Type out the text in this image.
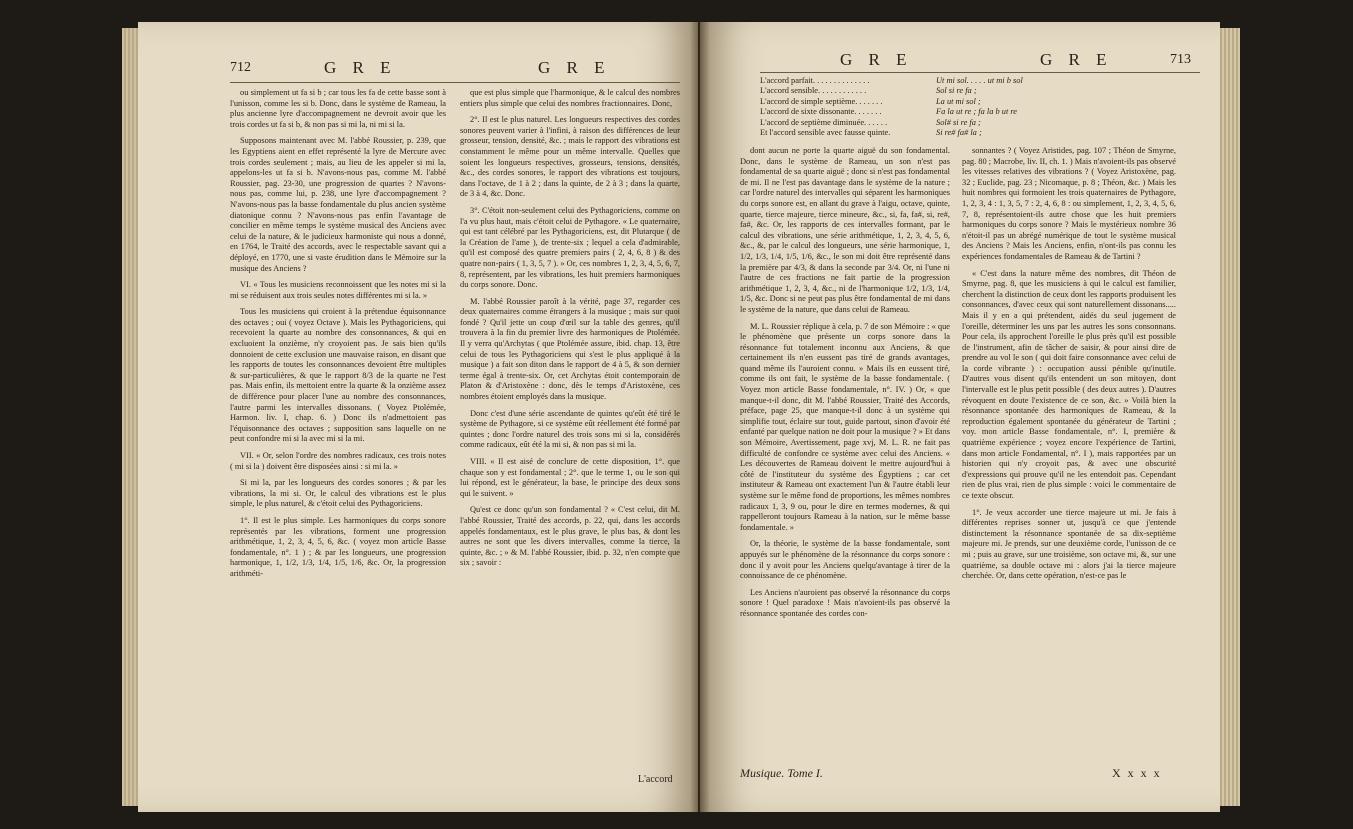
712	G R E	G R E

ou simplement ut fa si b ; car tous les fa de cette basse sont à l'unisson, comme les si b. Donc, dans le système de Rameau, la plus ancienne lyre d'accompagnement ne devroit avoir que les trois cordes ut fa si b, & non pas si mi la, ni mi si la.

Supposons maintenant avec M. l'abbé Roussier, p. 239, que les Egyptiens aient en effet représenté la lyre de Mercure avec trois cordes seulement ; mais, au lieu de les appeler si mi la, appelons-les ut fa si b. N'avons-nous pas, comme M. l'abbé Roussier, pag. 23-30, une progression de quartes ? N'avons-nous pas, comme lui, p. 238, une lyre d'accompagnement ? N'avons-nous pas la basse fondamentale du plus ancien système diatonique connu ? N'avons-nous pas enfin l'avantage de concilier en même temps le système musical des Anciens avec celui de la nature, & le judicieux harmoniste qui nous a donné, en 1764, le Traité des accords, avec le respectable savant qui a déployé, en 1770, une si vaste érudition dans le Mémoire sur la musique des Anciens ?

VI. « Tous les musiciens reconnoissent que les notes mi si la mi se réduisent aux trois seules notes différentes mi si la. »

Tous les musiciens qui croient à la prétendue équisonnance des octaves ; oui ( voyez Octave ). Mais les Pythagoriciens, qui recevoient la quarte au nombre des consonnances, & qui en excluoient la onzième, n'y croyoient pas. Je sais bien qu'ils donnoient de cette exclusion une mauvaise raison, en disant que les rapports de toutes les consonnances devoient être multiples & sur-particulières, & que le rapport 8/3 de la quarte ne l'est pas. Mais enfin, ils mettoient entre la quarte & la onzième assez de différence pour placer l'une au nombre des consonnances, l'autre parmi les intervalles dissonans. ( Voyez Ptolémée, Harmon. liv. I, chap. 6. ) Donc ils n'admettoient pas l'équisonnance des octaves ; supposition sans laquelle on ne peut confondre mi si la avec mi si la mi.

VII. « Or, selon l'ordre des nombres radicaux, ces trois notes ( mi si la ) doivent être disposées ainsi : si mi la. »

Si mi la, par les longueurs des cordes sonores ; & par les vibrations, la mi si. Or, le calcul des vibrations est le plus simple, le plus naturel, & c'étoit celui des Pythagoriciens.

1°. Il est le plus simple. Les harmoniques du corps sonore représentés par les vibrations, forment une progression arithmétique, 1, 2, 3, 4, 5, 6, &c. ( voyez mon article Basse fondamentale, n°. 1 ) ; & par les longueurs, une progression harmonique, 1, 1/2, 1/3, 1/4, 1/5, 1/6, &c. Or, la progression arithméti-

que est plus simple que l'harmonique, & le calcul des nombres entiers plus simple que celui des nombres fractionnaires. Donc,

2°. Il est le plus naturel. Les longueurs respectives des cordes sonores peuvent varier à l'infini, à raison des différences de leur grosseur, tension, densité, &c. ; mais le rapport des vibrations est constamment le même pour un même intervalle. Quelles que soient les longueurs respectives, grosseurs, tensions, densités, &c., des cordes sonores, le rapport des vibrations est toujours, dans l'octave, de 1 à 2 ; dans la quinte, de 2 à 3 ; dans la quarte, de 3 à 4, &c. Donc.

3°. C'étoit non-seulement celui des Pythagoriciens, comme on l'a vu plus haut, mais c'étoit celui de Pythagore. « Le quaternaire, qui est tant célébré par les Pythagoriciens, est, dit Plutarque ( de la Création de l'ame ), de trente-six ; lequel a cela d'admirable, qu'il est composé des quatre premiers pairs ( 2, 4, 6, 8 ) & des quatre non-pairs ( 1, 3, 5, 7 ). » Or, ces nombres 1, 2, 3, 4, 5, 6, 7, 8, représentent, par les vibrations, les huit premiers harmoniques du corps sonore. Donc.

M. l'abbé Roussier paroît à la vérité, page 37, regarder ces deux quaternaires comme étrangers à la musique ; mais sur quoi fondé ? Qu'il jette un coup d'œil sur la table des genres, qu'il trouvera à la fin du premier livre des harmoniques de Ptolémée. Il y verra qu'Archytas ( que Ptolémée assure, ibid. chap. 13, être celui de tous les Pythagoriciens qui s'est le plus appliqué à la musique ) a fait son diton dans le rapport de 4 à 5, & son dernier terme égal à trente-six. Or, cet Archytas étoit contemporain de Platon & d'Aristoxène : donc, dès le temps d'Aristoxène, ces nombres étoient employés dans la musique.

Donc c'est d'une série ascendante de quintes qu'eût été tiré le système de Pythagore, si ce système eût réellement été formé par quintes ; donc l'ordre naturel des trois sons mi si la, considérés comme radicaux, eût été la mi si, & non pas si mi la.

VIII. « Il est aisé de conclure de cette disposition, 1°. que chaque son y est fondamental ; 2°. que le terme 1, ou le son qui lui répond, est le générateur, la base, le principe des deux sons qui le suivent. »

Qu'est ce donc qu'un son fondamental ? « C'est celui, dit M. l'abbé Roussier, Traité des accords, p. 22, qui, dans les accords appelés fondamentaux, est le plus grave, le plus bas, & dont les autres ne sont que les divers intervalles, comme la tierce, la quinte, &c. ; » & M. l'abbé Roussier, ibid. p. 32, n'en compte que six ; savoir :

L'accord
G R E	G R E	713
L'accord parfait. . . . . . . . . . . . . .	Ut mi sol. . . . . ut mi b sol
L'accord sensible. . . . . . . . . . . .	Sol si re fa ;
L'accord de simple septième. . . . . . .	La ut mi sol ;
L'accord de sixte dissonante. . . . . . .	Fa la ut re ; fa la b ut re
L'accord de septième diminuée. . . . . .	Sol# si re fa ;
Et l'accord sensible avec fausse quinte.	Si re# fa# la ;

dont aucun ne porte la quarte aiguë du son fondamental. Donc, dans le système de Rameau, un son n'est pas fondamental de sa quarte aiguë ; donc si n'est pas fondamental de mi. Il ne l'est pas davantage dans le système de la nature ; car l'ordre naturel des intervalles qui séparent les harmoniques du corps sonore est, en allant du grave à l'aigu, octave, quinte, quarte, tierce majeure, tierce mineure, &c., si, fa, fa#, si, re#, fa#, &c. Or, les rapports de ces intervalles formant, par le calcul des vibrations, une série arithmétique, 1, 2, 3, 4, 5, 6, &c., &, par le calcul des longueurs, une série harmonique, 1, 1/2, 1/3, 1/4, 1/5, 1/6, &c., le son mi doit être représenté dans la première par 4/3, & dans la seconde par 3/4. Or, ni l'une ni l'autre de ces fractions ne fait partie de la progression arithmétique 1, 2, 3, 4, &c., ni de l'harmonique 1/2, 1/3, 1/4, 1/5, &c. Donc si ne peut pas plus être fondamental de mi dans le système de la nature, que dans celui de Rameau.

M. L. Roussier réplique à cela, p. 7 de son Mémoire : « que le phénomène que présente un corps sonore dans la résonnance fut totalement inconnu aux Anciens, & que certainement ils n'en eussent pas tiré de grands avantages, quand même ils l'auroient connu. » Mais ils en eussent tiré, comme ils ont fait, le système de la basse fondamentale. ( Voyez mon article Basse fondamentale, n°. IV. ) Or, « que manque-t-il donc, dit M. l'abbé Roussier, Traité des Accords, préface, page 25, que manque-t-il donc à un système qui simplifie tout, éclaire sur tout, guide partout, sinon d'avoir été enfanté par quelque nation ne doit pour la musique ? » Et dans son Mémoire, Avertissement, page xvj, M. L. R. ne fait pas difficulté de confondre ce système avec celui des Anciens. « Les découvertes de Rameau doivent le mettre aujourd'hui à côté de l'instituteur du système des Égyptiens ; car cet instituteur & Rameau ont exactement l'un & l'autre établi leur système sur le même fond de proportions, les mêmes nombres radicaux 1, 3, 9 ou, pour le dire en termes modernes, & qui rappelleront toujours Rameau à la nation, sur le même basse fondamentale. »

Or, la théorie, le système de la basse fondamentale, sont appuyés sur le phénomène de la résonnance du corps sonore : donc il y avoit pour les Anciens quelqu'avantage à tirer de la connoissance de ce phénomène.

Les Anciens n'auroient pas observé la résonnance du corps sonore ! Quel paradoxe ! Mais n'avoient-ils pas observé la résonnance spontanée des cordes con-

sonnantes ? ( Voyez Aristides, pag. 107 ; Théon de Smyrne, pag. 80 ; Macrobe, liv. II, ch. 1. ) Mais n'avoient-ils pas observé les vitesses relatives des vibrations ? ( Voyez Aristoxène, pag. 32 ; Euclide, pag. 23 ; Nicomaque, p. 8 ; Théon, &c. ) Mais les huit nombres qui formoient les trois quaternaires de Pythagore, 1, 2, 3, 4 : 1, 3, 5, 7 : 2, 4, 6, 8 : ou simplement, 1, 2, 3, 4, 5, 6, 7, 8, représentoient-ils autre chose que les huit premiers harmoniques du corps sonore ? Mais le mystérieux nombre 36 n'étoit-il pas un abrégé numérique de tout le système musical des Anciens ? Mais les Anciens, enfin, n'ont-ils pas connu les expériences fondamentales de Rameau & de Tartini ?

« C'est dans la nature même des nombres, dit Théon de Smyrne, pag. 8, que les musiciens à qui le calcul est familier, cherchent la distinction de ceux dont les rapports produisent les consonnances, d'avec ceux qui sont naturellement dissonans..... Mais il y en a qui prétendent, aidés du seul jugement de l'oreille, déterminer les uns par les autres les sons consonnans. Pour cela, ils approchent l'oreille le plus près qu'il est possible de l'instrument, afin de tâcher de saisir, & pour ainsi dire de prendre au vol le son ( qui doit faire consonnance avec celui de la corde vibrante ) : occupation aussi pénible qu'inutile. D'autres vous disent qu'ils entendent un son mitoyen, dont l'intervalle est le plus petit possible ( des deux autres ). D'autres révoquent en doute l'existence de ce son, &c. » Voilà bien la résonnance spontanée des harmoniques de Rameau, & la reproduction également spontanée du générateur de Tartini ; voy. mon article Basse fondamentale, n°. I, première & quatrième expérience ; voyez encore l'expérience de Tartini, dans mon article Fondamental, n°. I ), mais rapportées par un historien qui n'y croyoit pas, & avec une obscurité d'expressions qui prouve qu'il ne les entendoit pas. Cependant rien de plus vrai, rien de plus simple : voici le commentaire de ce texte obscur.

1°. Je veux accorder une tierce majeure ut mi. Je fais à différentes reprises sonner ut, jusqu'à ce que j'entende distinctement la résonnance spontanée de sa dix-septième majeure mi. Je prends, sur une deuxième corde, l'unisson de ce mi ; puis au grave, sur une troisième, son octave mi, &, sur une quatrième, sa double octave mi : alors j'ai la tierce majeure cherchée. Or, dans cette opération, n'est-ce pas le

Musique. Tome I.	X x x x
